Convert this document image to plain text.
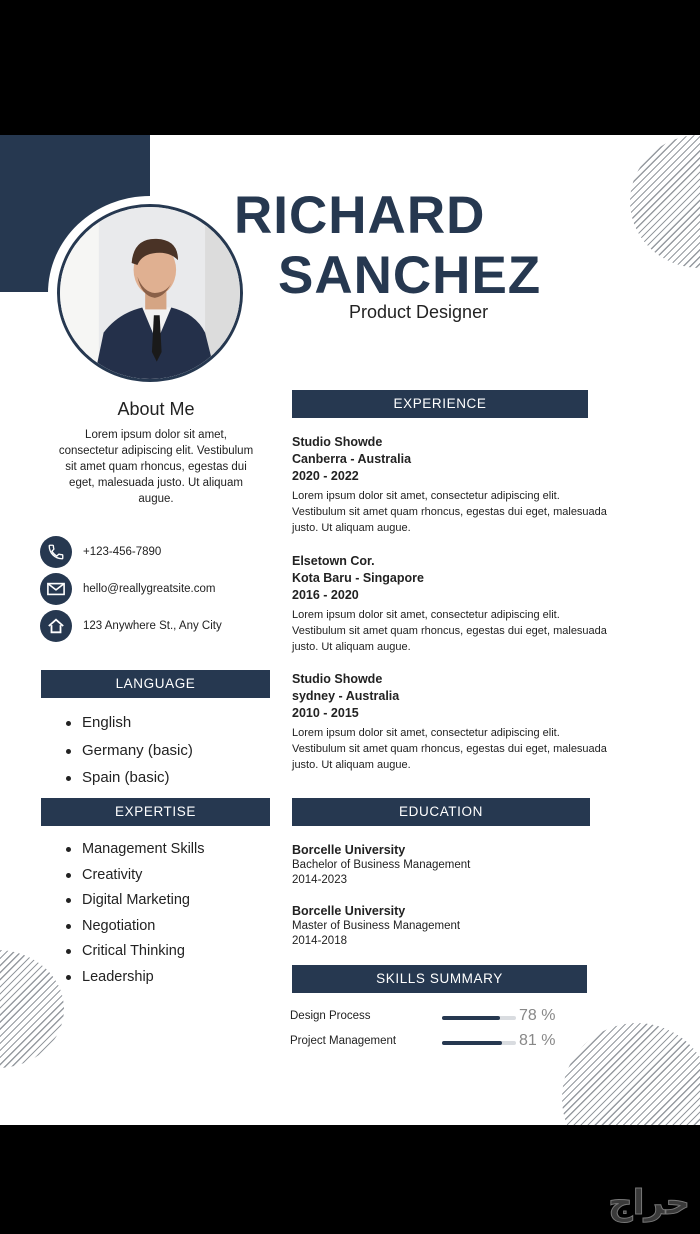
RICHARD
SANCHEZ
Product Designer
About Me
Lorem ipsum dolor sit amet, consectetur adipiscing elit. Vestibulum sit amet quam rhoncus, egestas dui eget, malesuada justo. Ut aliquam augue.
+123-456-7890
hello@reallygreatsite.com
123 Anywhere St., Any City
LANGUAGE
English
Germany (basic)
Spain (basic)
EXPERTISE
Management Skills
Creativity
Digital Marketing
Negotiation
Critical Thinking
Leadership
EXPERIENCE
Studio Showde
Canberra - Australia
2020 - 2022
Lorem ipsum dolor sit amet, consectetur adipiscing elit. Vestibulum sit amet quam rhoncus, egestas dui eget, malesuada justo. Ut aliquam augue.
Elsetown Cor.
Kota Baru - Singapore
2016 - 2020
Lorem ipsum dolor sit amet, consectetur adipiscing elit. Vestibulum sit amet quam rhoncus, egestas dui eget, malesuada justo. Ut aliquam augue.
Studio Showde
sydney - Australia
2010 - 2015
Lorem ipsum dolor sit amet, consectetur adipiscing elit. Vestibulum sit amet quam rhoncus, egestas dui eget, malesuada justo. Ut aliquam augue.
EDUCATION
Borcelle University
Bachelor of Business Management
2014-2023
Borcelle University
Master of Business Management
2014-2018
SKILLS SUMMARY
Design Process	78 %
Project Management	81 %
حراج
